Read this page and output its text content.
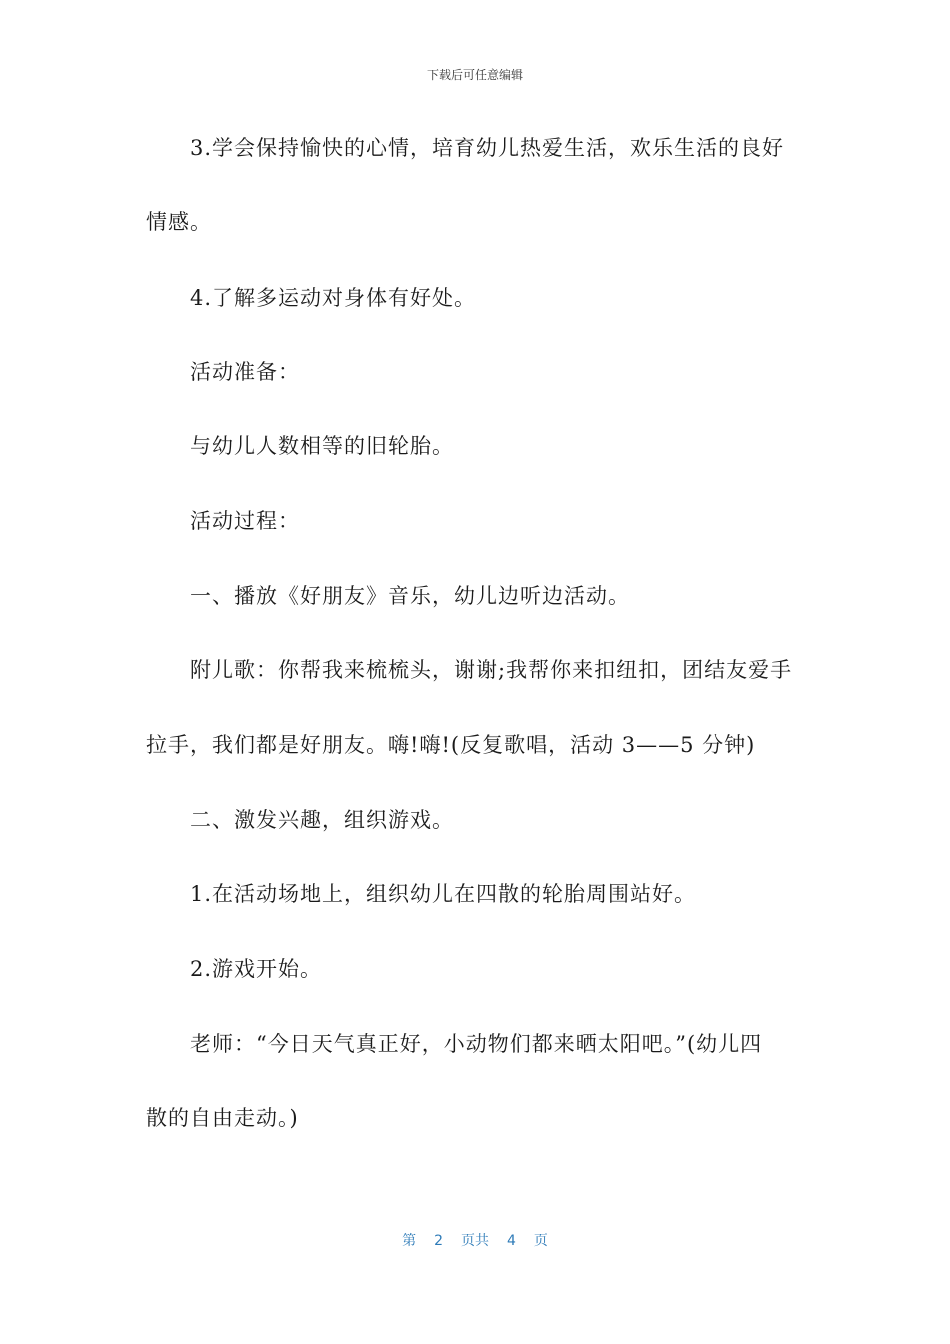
下载后可任意编辑
3.学会保持愉快的心情，培育幼儿热爱生活，欢乐生活的良好
情感。
4.了解多运动对身体有好处。
活动准备：
与幼儿人数相等的旧轮胎。
活动过程：
一、播放《好朋友》音乐，幼儿边听边活动。
附儿歌：你帮我来梳梳头，谢谢;我帮你来扣纽扣，团结友爱手
拉手，我们都是好朋友。嗨!嗨!(反复歌唱，活动 3——5 分钟)
二、激发兴趣，组织游戏。
1.在活动场地上，组织幼儿在四散的轮胎周围站好。
2.游戏开始。
老师：“今日天气真正好，小动物们都来晒太阳吧。”(幼儿四
散的自由走动。)
第 2 页共 4 页
